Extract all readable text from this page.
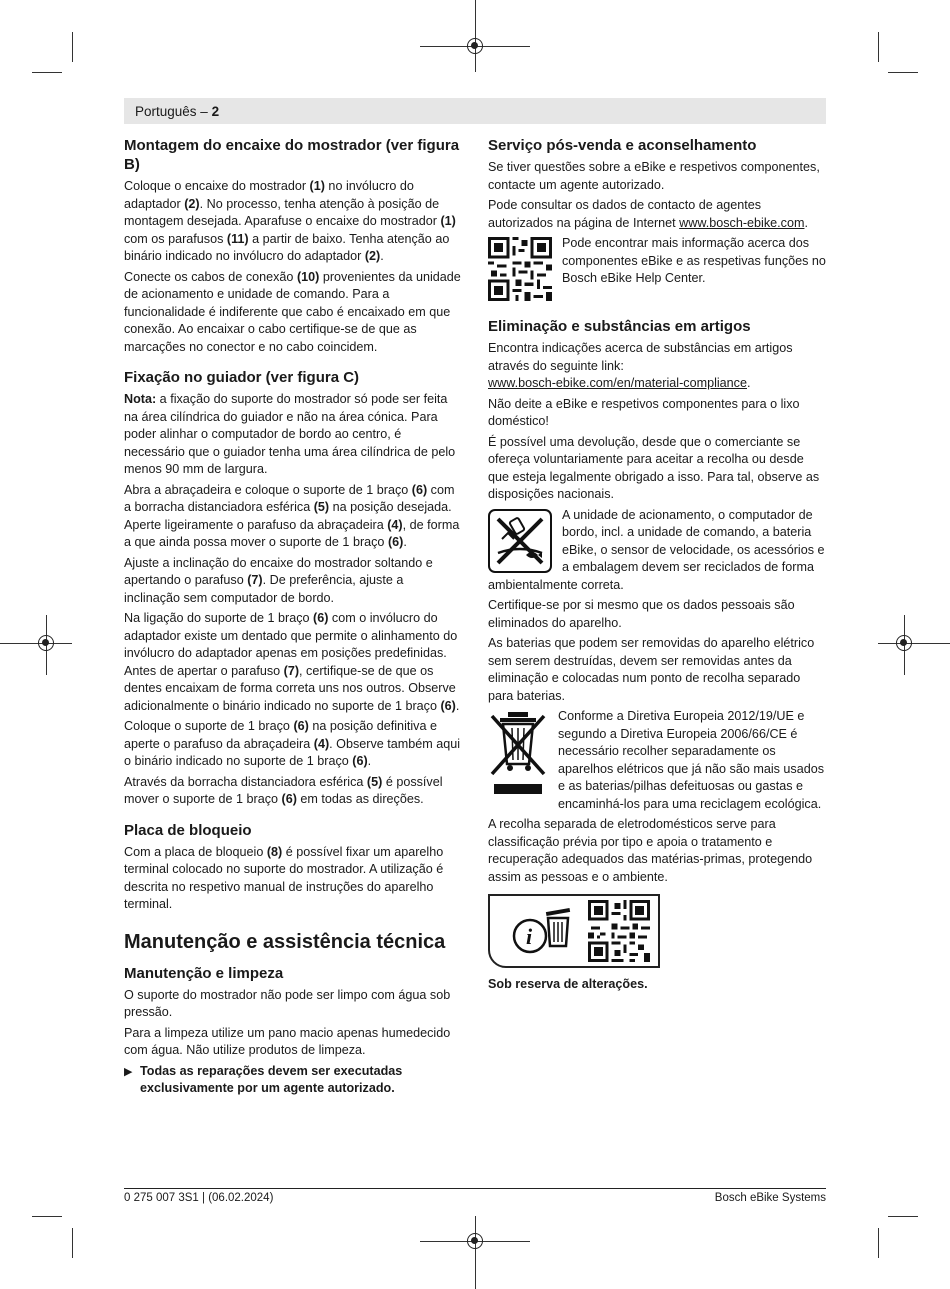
Português – 2
Montagem do encaixe do mostrador (ver figura B)

Coloque o encaixe do mostrador (1) no invólucro do adaptador (2). No processo, tenha atenção à posição de montagem desejada. Aparafuse o encaixe do mostrador (1) com os parafusos (11) a partir de baixo. Tenha atenção ao binário indicado no invólucro do adaptador (2).

Conecte os cabos de conexão (10) provenientes da unidade de acionamento e unidade de comando. Para a funcionalidade é indiferente que cabo é encaixado em que conexão. Ao encaixar o cabo certifique-se de que as marcações no conector e no cabo coincidem.

Fixação no guiador (ver figura C)

Nota: a fixação do suporte do mostrador só pode ser feita na área cilíndrica do guiador e não na área cónica. Para poder alinhar o computador de bordo ao centro, é necessário que o guiador tenha uma área cilíndrica de pelo menos 90 mm de largura.

Abra a abraçadeira e coloque o suporte de 1 braço (6) com a borracha distanciadora esférica (5) na posição desejada. Aperte ligeiramente o parafuso da abraçadeira (4), de forma a que ainda possa mover o suporte de 1 braço (6).

Ajuste a inclinação do encaixe do mostrador soltando e apertando o parafuso (7). De preferência, ajuste a inclinação sem computador de bordo.

Na ligação do suporte de 1 braço (6) com o invólucro do adaptador existe um dentado que permite o alinhamento do invólucro do adaptador apenas em posições predefinidas. Antes de apertar o parafuso (7), certifique-se de que os dentes encaixam de forma correta uns nos outros. Observe adicionalmente o binário indicado no suporte de 1 braço (6).

Coloque o suporte de 1 braço (6) na posição definitiva e aperte o parafuso da abraçadeira (4). Observe também aqui o binário indicado no suporte de 1 braço (6).

Através da borracha distanciadora esférica (5) é possível mover o suporte de 1 braço (6) em todas as direções.

Placa de bloqueio

Com a placa de bloqueio (8) é possível fixar um aparelho terminal colocado no suporte do mostrador. A utilização é descrita no respetivo manual de instruções do aparelho terminal.

Manutenção e assistência técnica
Manutenção e limpeza

O suporte do mostrador não pode ser limpo com água sob pressão.

Para a limpeza utilize um pano macio apenas humedecido com água. Não utilize produtos de limpeza.

▶ Todas as reparações devem ser executadas exclusivamente por um agente autorizado.

Serviço pós-venda e aconselhamento

Se tiver questões sobre a eBike e respetivos componentes, contacte um agente autorizado.

Pode consultar os dados de contacto de agentes autorizados na página de Internet www.bosch-ebike.com.

Pode encontrar mais informação acerca dos componentes eBike e as respetivas funções no Bosch eBike Help Center.

Eliminação e substâncias em artigos

Encontra indicações acerca de substâncias em artigos através do seguinte link:
www.bosch-ebike.com/en/material-compliance.

Não deite a eBike e respetivos componentes para o lixo doméstico!

É possível uma devolução, desde que o comerciante se ofereça voluntariamente para aceitar a recolha ou desde que esteja legalmente obrigado a isso. Para tal, observe as disposições nacionais.

A unidade de acionamento, o computador de bordo, incl. a unidade de comando, a bateria eBike, o sensor de velocidade, os acessórios e a embalagem devem ser reciclados de forma ambientalmente correta.

Certifique-se por si mesmo que os dados pessoais são eliminados do aparelho.

As baterias que podem ser removidas do aparelho elétrico sem serem destruídas, devem ser removidas antes da eliminação e colocadas num ponto de recolha separado para baterias.

Conforme a Diretiva Europeia 2012/19/UE e segundo a Diretiva Europeia 2006/66/CE é necessário recolher separadamente os aparelhos elétricos que já não são mais usados e as baterias/pilhas defeituosas ou gastas e encaminhá-los para uma reciclagem ecológica.

A recolha separada de eletrodomésticos serve para classificação prévia por tipo e apoia o tratamento e recuperação adequados das matérias-primas, protegendo assim as pessoas e o ambiente.

i

Sob reserva de alterações.

0 275 007 3S1 | (06.02.2024)	Bosch eBike Systems
